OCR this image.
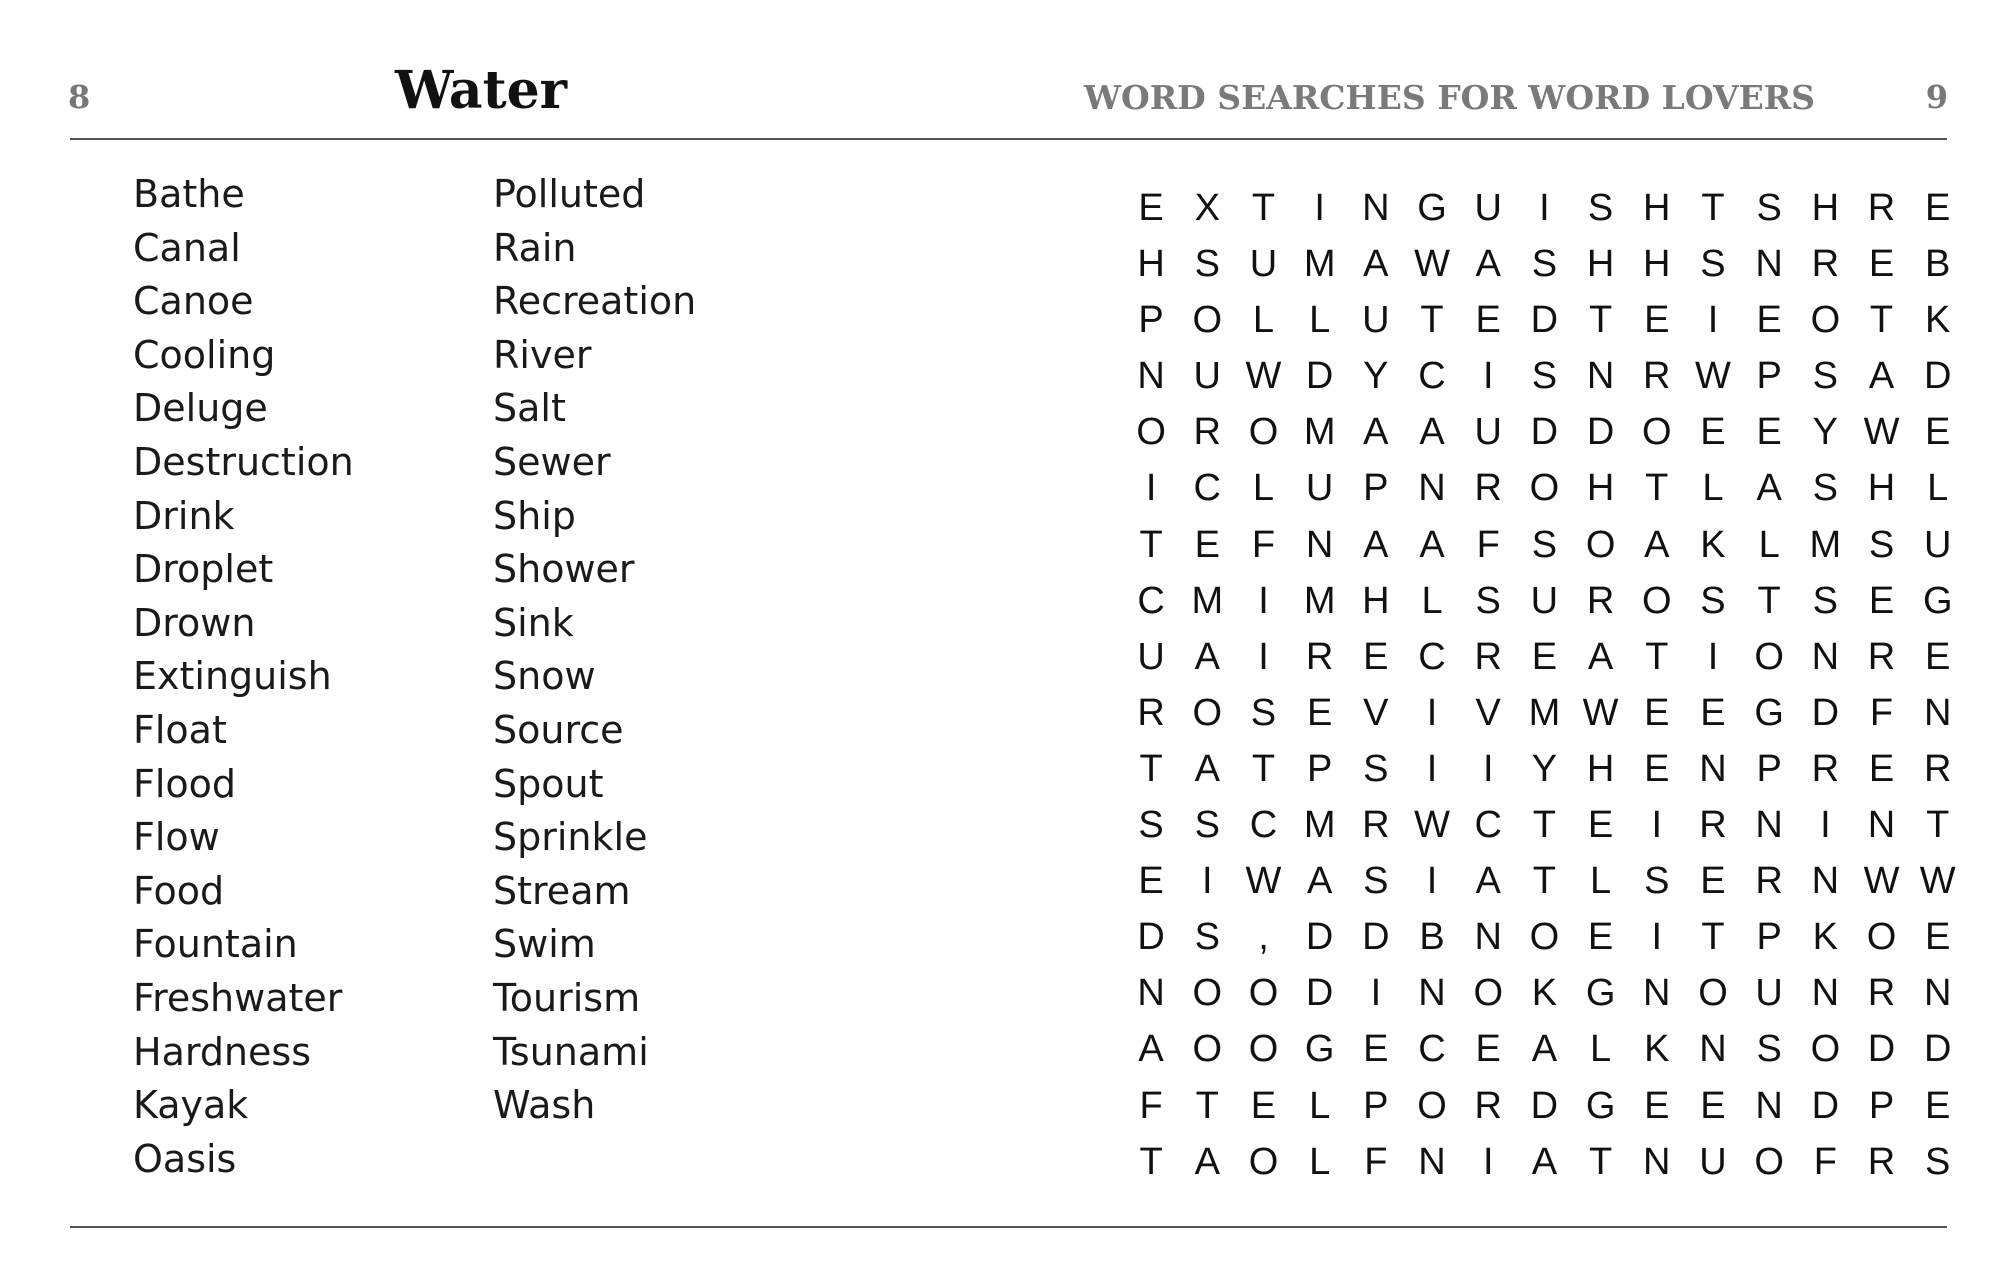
8	Water	WORD SEARCHES FOR WORD LOVERS	9
Bathe
Canal
Canoe
Cooling
Deluge
Destruction
Drink
Droplet
Drown
Extinguish
Float
Flood
Flow
Food
Fountain
Freshwater
Hardness
Kayak
Oasis
Polluted
Rain
Recreation
River
Salt
Sewer
Ship
Shower
Sink
Snow
Source
Spout
Sprinkle
Stream
Swim
Tourism
Tsunami
Wash
E X T	I N G U I	S H T S H R E
H S U M A W A S H H S N R E B
P O L L U T E D T E	I	E O T K
N U W D Y C I	S N R W P S A D
O R O M A A U D D O E E Y W E
I C L U P N R O H T L A S H L
T E F N A A F S O A K L M S U
C M I M H L S U R O S T S E G
U A	I R E C R E A T	I O N R E
R O S E V	I	V M W E E G D F N
T A T P S	I	I	Y H E N P R E R
S S C M R W C T E	I R N I N T
E	I W A S	I	A T L S E R N W W
D S	, D D B N O E	I	T P K O E
N O O D I N O K G N O U N R N
A O O G E C E A L K N S O D D
F T E L P O R D G E E N D P E
T A O L F N I	A T N U O F R S
